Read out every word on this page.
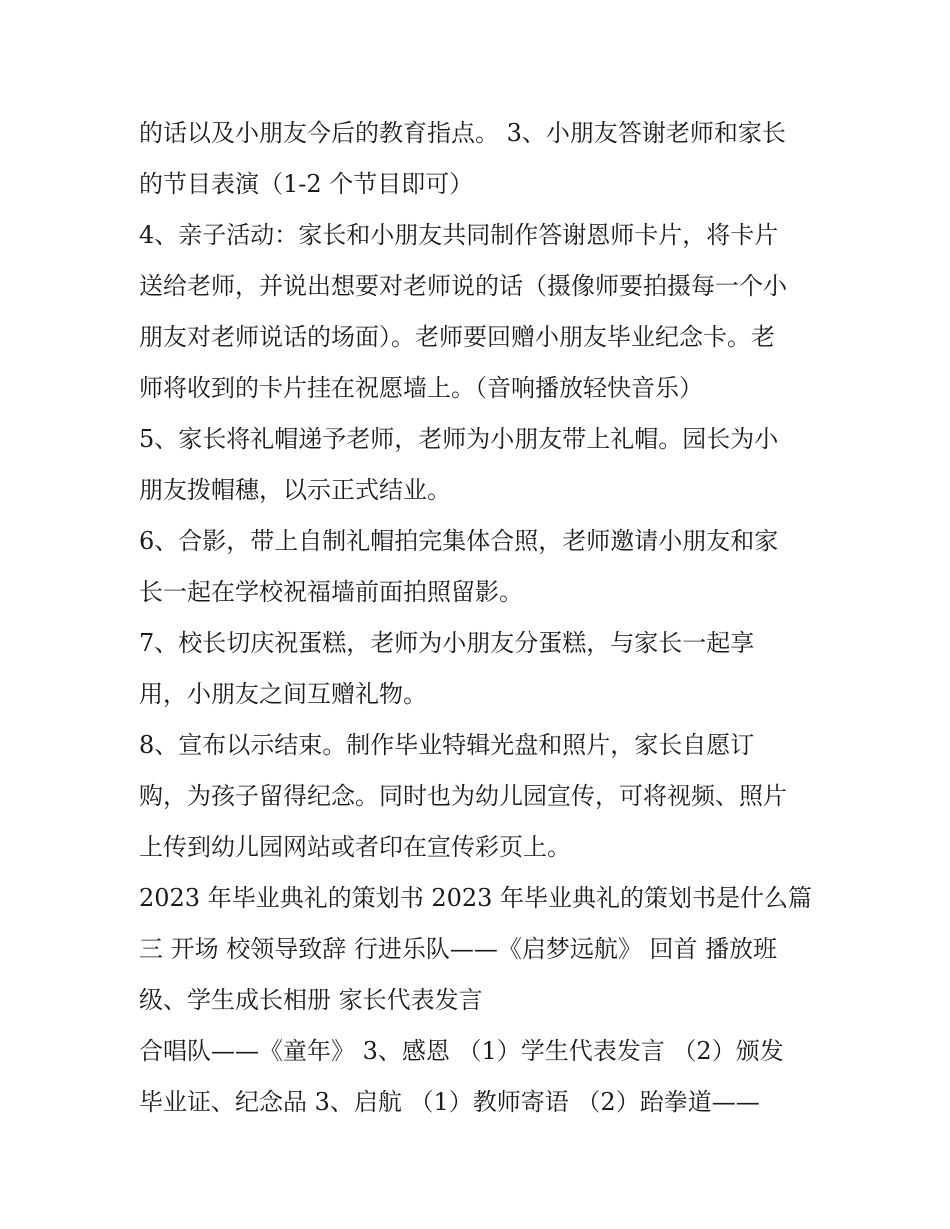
的话以及小朋友今后的教育指点。 3、小朋友答谢老师和家长
的节目表演（1-2 个节目即可）
4、亲子活动：家长和小朋友共同制作答谢恩师卡片，将卡片
送给老师，并说出想要对老师说的话（摄像师要拍摄每一个小
朋友对老师说话的场面）。老师要回赠小朋友毕业纪念卡。老
师将收到的卡片挂在祝愿墙上。（音响播放轻快音乐）
5、家长将礼帽递予老师，老师为小朋友带上礼帽。园长为小
朋友拨帽穗，以示正式结业。
6、合影，带上自制礼帽拍完集体合照，老师邀请小朋友和家
长一起在学校祝福墙前面拍照留影。
7、校长切庆祝蛋糕，老师为小朋友分蛋糕，与家长一起享
用，小朋友之间互赠礼物。
8、宣布以示结束。制作毕业特辑光盘和照片，家长自愿订
购，为孩子留得纪念。同时也为幼儿园宣传，可将视频、照片
上传到幼儿园网站或者印在宣传彩页上。
2023 年毕业典礼的策划书 2023 年毕业典礼的策划书是什么篇
三 开场 校领导致辞 行进乐队——《启梦远航》 回首 播放班
级、学生成长相册 家长代表发言
合唱队——《童年》 3、感恩 （1）学生代表发言 （2）颁发
毕业证、纪念品 3、启航 （1）教师寄语 （2）跆拳道——
